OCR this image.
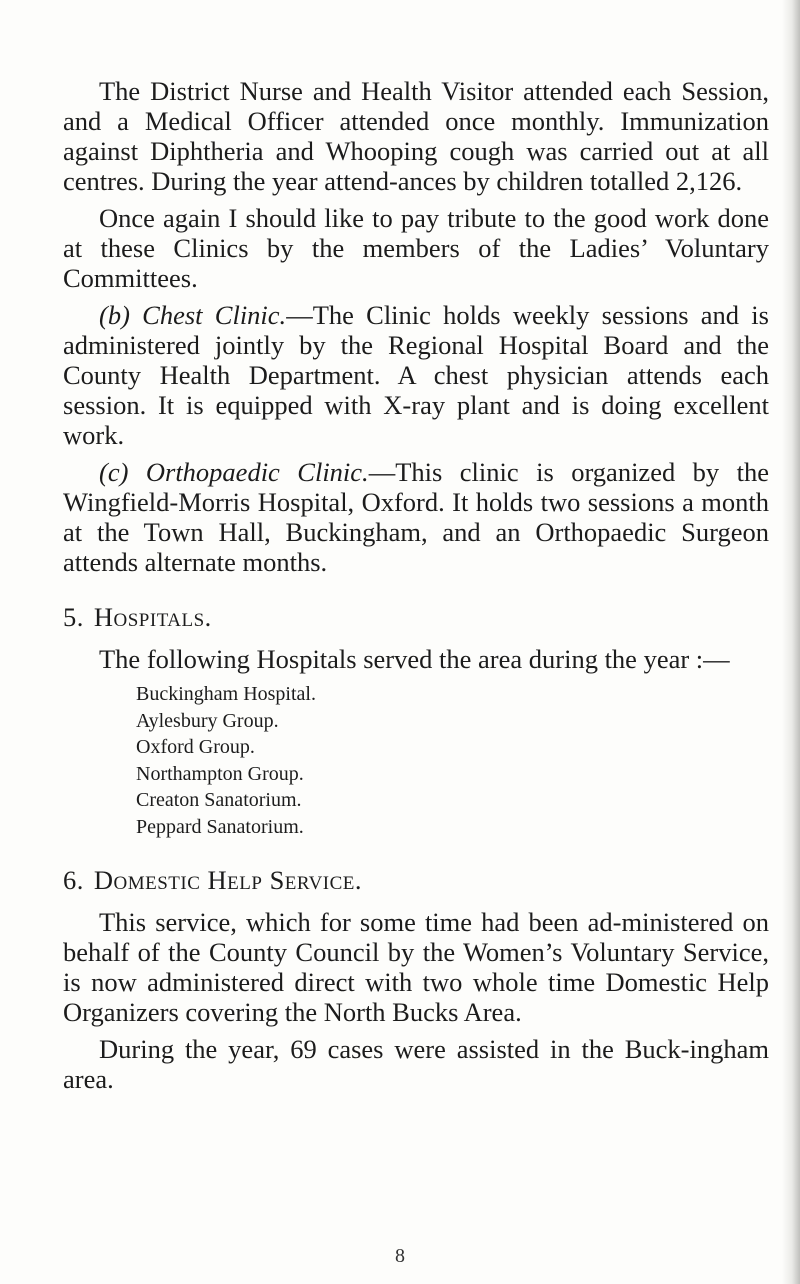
The District Nurse and Health Visitor attended each Session, and a Medical Officer attended once monthly. Immunization against Diphtheria and Whooping cough was carried out at all centres. During the year attend-ances by children totalled 2,126.

Once again I should like to pay tribute to the good work done at these Clinics by the members of the Ladies’ Voluntary Committees.

(b) Chest Clinic.—The Clinic holds weekly sessions and is administered jointly by the Regional Hospital Board and the County Health Department. A chest physician attends each session. It is equipped with X-ray plant and is doing excellent work.

(c) Orthopaedic Clinic.—This clinic is organized by the Wingfield-Morris Hospital, Oxford. It holds two sessions a month at the Town Hall, Buckingham, and an Orthopaedic Surgeon attends alternate months.

5. Hospitals.

The following Hospitals served the area during the year :—

Buckingham Hospital.
Aylesbury Group.
Oxford Group.
Northampton Group.
Creaton Sanatorium.
Peppard Sanatorium.
6. Domestic Help Service.

This service, which for some time had been ad-ministered on behalf of the County Council by the Women’s Voluntary Service, is now administered direct with two whole time Domestic Help Organizers covering the North Bucks Area.

During the year, 69 cases were assisted in the Buck-ingham area.

8
